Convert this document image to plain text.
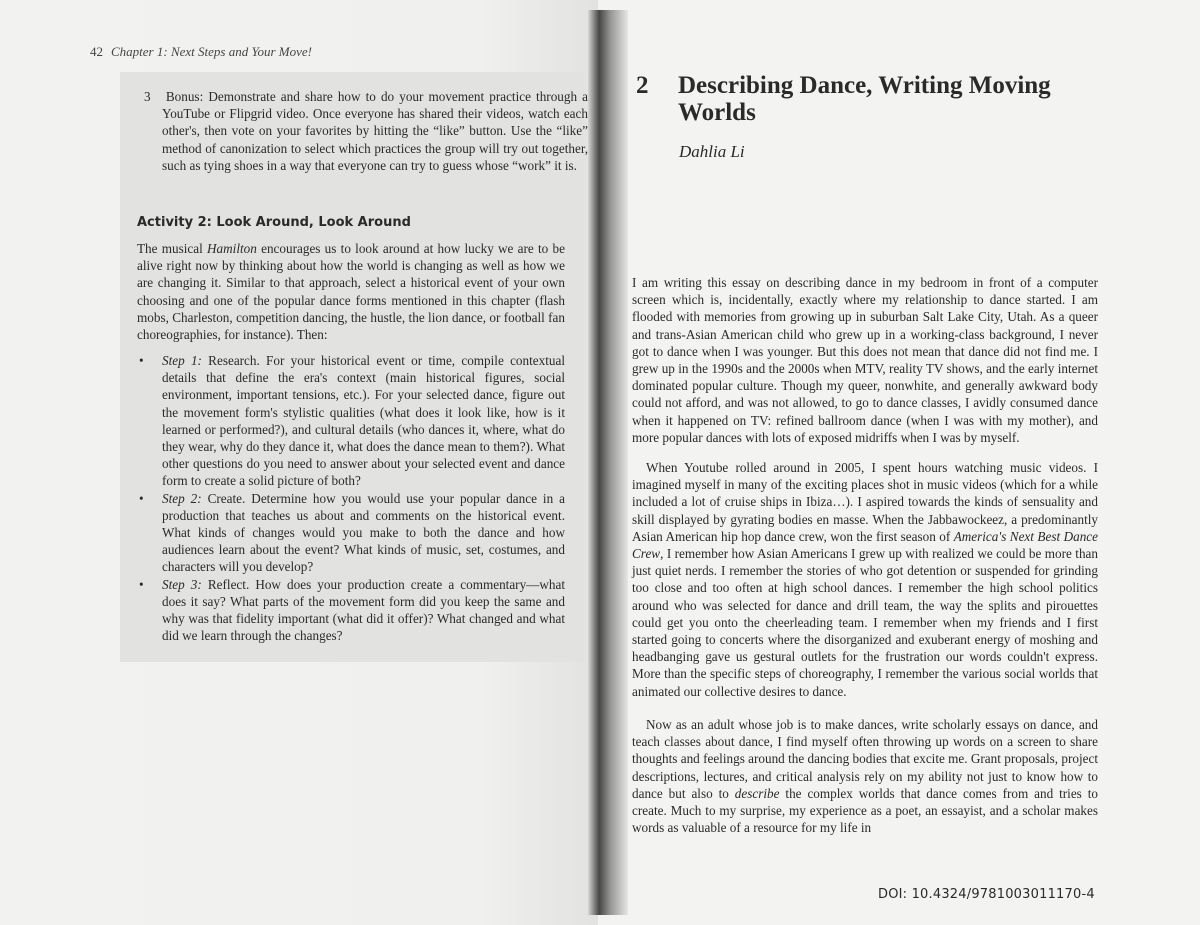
42 Chapter 1: Next Steps and Your Move!
3 Bonus: Demonstrate and share how to do your movement practice through a YouTube or Flipgrid video. Once everyone has shared their videos, watch each other's, then vote on your favorites by hitting the “like” button. Use the “like” method of canonization to select which practices the group will try out together, such as tying shoes in a way that everyone can try to guess whose “work” it is.
Activity 2: Look Around, Look Around
The musical Hamilton encourages us to look around at how lucky we are to be alive right now by thinking about how the world is changing as well as how we are changing it. Similar to that approach, select a historical event of your own choosing and one of the popular dance forms mentioned in this chapter (flash mobs, Charleston, competition dancing, the hustle, the lion dance, or football fan choreographies, for instance). Then:
• Step 1: Research. For your historical event or time, compile contextual details that define the era's context (main historical figures, social environment, important tensions, etc.). For your selected dance, figure out the movement form's stylistic qualities (what does it look like, how is it learned or performed?), and cultural details (who dances it, where, what do they wear, why do they dance it, what does the dance mean to them?). What other questions do you need to answer about your selected event and dance form to create a solid picture of both?
• Step 2: Create. Determine how you would use your popular dance in a production that teaches us about and comments on the historical event. What kinds of changes would you make to both the dance and how audiences learn about the event? What kinds of music, set, costumes, and characters will you develop?
• Step 3: Reflect. How does your production create a commentary—what does it say? What parts of the movement form did you keep the same and why was that fidelity important (what did it offer)? What changed and what did we learn through the changes?
2 Describing Dance, Writing Moving Worlds
Dahlia Li
I am writing this essay on describing dance in my bedroom in front of a computer screen which is, incidentally, exactly where my relationship to dance started. I am flooded with memories from growing up in suburban Salt Lake City, Utah. As a queer and trans-Asian American child who grew up in a working-class background, I never got to dance when I was younger. But this does not mean that dance did not find me. I grew up in the 1990s and the 2000s when MTV, reality TV shows, and the early internet dominated popular culture. Though my queer, nonwhite, and generally awkward body could not afford, and was not allowed, to go to dance classes, I avidly consumed dance when it happened on TV: refined ballroom dance (when I was with my mother), and more popular dances with lots of exposed midriffs when I was by myself.
When Youtube rolled around in 2005, I spent hours watching music videos. I imagined myself in many of the exciting places shot in music videos (which for a while included a lot of cruise ships in Ibiza…). I aspired towards the kinds of sensuality and skill displayed by gyrating bodies en masse. When the Jabbawockeez, a predominantly Asian American hip hop dance crew, won the first season of America's Next Best Dance Crew, I remember how Asian Americans I grew up with realized we could be more than just quiet nerds. I remember the stories of who got detention or suspended for grinding too close and too often at high school dances. I remember the high school politics around who was selected for dance and drill team, the way the splits and pirouettes could get you onto the cheerleading team. I remember when my friends and I first started going to concerts where the disorganized and exuberant energy of moshing and headbanging gave us gestural outlets for the frustration our words couldn't express. More than the specific steps of choreography, I remember the various social worlds that animated our collective desires to dance.
Now as an adult whose job is to make dances, write scholarly essays on dance, and teach classes about dance, I find myself often throwing up words on a screen to share thoughts and feelings around the dancing bodies that excite me. Grant proposals, project descriptions, lectures, and critical analysis rely on my ability not just to know how to dance but also to describe the complex worlds that dance comes from and tries to create. Much to my surprise, my experience as a poet, an essayist, and a scholar makes words as valuable of a resource for my life in
DOI: 10.4324/9781003011170-4
